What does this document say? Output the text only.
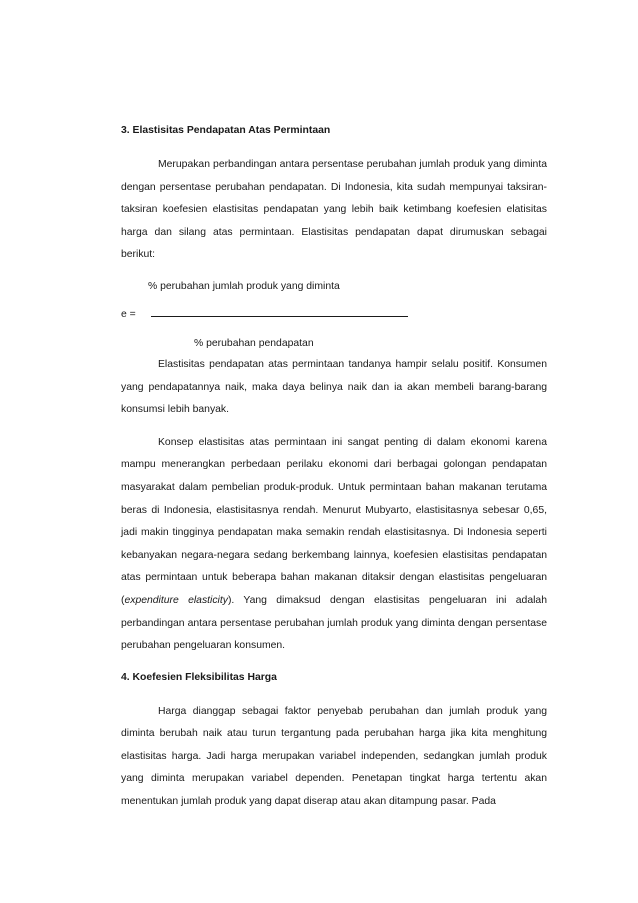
3. Elastisitas Pendapatan Atas Permintaan

Merupakan perbandingan antara persentase perubahan jumlah produk yang diminta dengan persentase perubahan pendapatan. Di Indonesia, kita sudah mempunyai taksiran-taksiran koefesien elastisitas pendapatan yang lebih baik ketimbang koefesien elatisitas harga dan silang atas permintaan. Elastisitas pendapatan dapat dirumuskan sebagai berikut:

% perubahan jumlah produk yang diminta
e =
% perubahan pendapatan

Elastisitas pendapatan atas permintaan tandanya hampir selalu positif. Konsumen yang pendapatannya naik, maka daya belinya naik dan ia akan membeli barang-barang konsumsi lebih banyak.

Konsep elastisitas atas permintaan ini sangat penting di dalam ekonomi karena mampu menerangkan perbedaan perilaku ekonomi dari berbagai golongan pendapatan masyarakat dalam pembelian produk-produk. Untuk permintaan bahan makanan terutama beras di Indonesia, elastisitasnya rendah. Menurut Mubyarto, elastisitasnya sebesar 0,65, jadi makin tingginya pendapatan maka semakin rendah elastisitasnya. Di Indonesia seperti kebanyakan negara-negara sedang berkembang lainnya, koefesien elastisitas pendapatan atas permintaan untuk beberapa bahan makanan ditaksir dengan elastisitas pengeluaran (expenditure elasticity). Yang dimaksud dengan elastisitas pengeluaran ini adalah perbandingan antara persentase perubahan jumlah produk yang diminta dengan persentase perubahan pengeluaran konsumen.

4. Koefesien Fleksibilitas Harga

Harga dianggap sebagai faktor penyebab perubahan dan jumlah produk yang diminta berubah naik atau turun tergantung pada perubahan harga jika kita menghitung elastisitas harga. Jadi harga merupakan variabel independen, sedangkan jumlah produk yang diminta merupakan variabel dependen. Penetapan tingkat harga tertentu akan menentukan jumlah produk yang dapat diserap atau akan ditampung pasar. Pada
